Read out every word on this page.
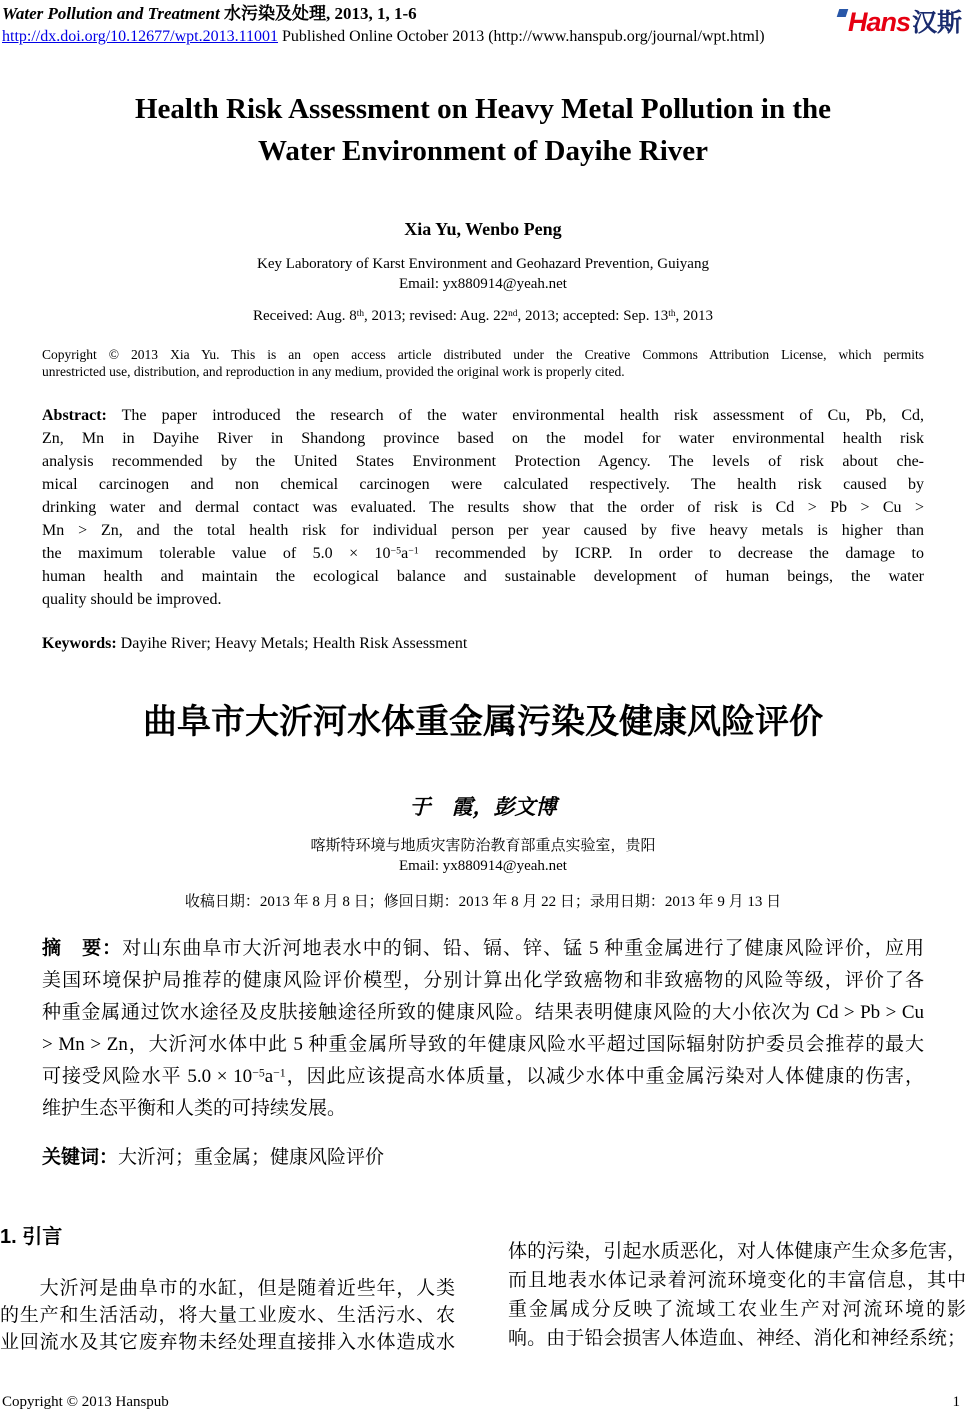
Water Pollution and Treatment 水污染及处理, 2013, 1, 1-6
http://dx.doi.org/10.12677/wpt.2013.11001 Published Online October 2013 (http://www.hanspub.org/journal/wpt.html)	Hans汉斯
Health Risk Assessment on Heavy Metal Pollution in the
Water Environment of Dayihe River
Xia Yu, Wenbo Peng
Key Laboratory of Karst Environment and Geohazard Prevention, Guiyang
Email: yx880914@yeah.net
Received: Aug. 8th, 2013; revised: Aug. 22nd, 2013; accepted: Sep. 13th, 2013
Copyright © 2013 Xia Yu. This is an open access article distributed under the Creative Commons Attribution License, which permits
unrestricted use, distribution, and reproduction in any medium, provided the original work is properly cited.
Abstract: The paper introduced the research of the water environmental health risk assessment of Cu, Pb, Cd,
Zn, Mn in Dayihe River in Shandong province based on the model for water environmental health risk
analysis recommended by the United States Environment Protection Agency. The levels of risk about che-
mical carcinogen and non chemical carcinogen were calculated respectively. The health risk caused by
drinking water and dermal contact was evaluated. The results show that the order of risk is Cd > Pb > Cu >
Mn > Zn, and the total health risk for individual person per year caused by five heavy metals is higher than
the maximum tolerable value of $5.0 \times 10^{-5}a^{-1}$ recommended by ICRP. In order to decrease the damage to
human health and maintain the ecological balance and sustainable development of human beings, the water
quality should be improved.
Keywords: Dayihe River; Heavy Metals; Health Risk Assessment
曲阜市大沂河水体重金属污染及健康风险评价
于　霞，彭文博
喀斯特环境与地质灾害防治教育部重点实验室，贵阳
Email: yx880914@yeah.net
收稿日期：2013 年 8 月 8 日；修回日期：2013 年 8 月 22 日；录用日期：2013 年 9 月 13 日
摘　要：对山东曲阜市大沂河地表水中的铜、铅、镉、锌、锰 5 种重金属进行了健康风险评价，应用
美国环境保护局推荐的健康风险评价模型，分别计算出化学致癌物和非致癌物的风险等级，评价了各
种重金属通过饮水途径及皮肤接触途径所致的健康风险。结果表明健康风险的大小依次为 Cd > Pb > Cu
> Mn > Zn，大沂河水体中此 5 种重金属所导致的年健康风险水平超过国际辐射防护委员会推荐的最大
可接受风险水平 $5.0 \times 10^{-5}a^{-1}$，因此应该提高水体质量，以减少水体中重金属污染对人体健康的伤害，
维护生态平衡和人类的可持续发展。
关键词：大沂河；重金属；健康风险评价
1. 引言
　　大沂河是曲阜市的水缸，但是随着近些年，人类
的生产和生活活动，将大量工业废水、生活污水、农
业回流水及其它废弃物未经处理直接排入水体造成水
体的污染，引起水质恶化，对人体健康产生众多危害，
而且地表水体记录着河流环境变化的丰富信息，其中
重金属成分反映了流域工农业生产对河流环境的影
响。由于铅会损害人体造血、神经、消化和神经系统；
Copyright © 2013 Hanspub	1
